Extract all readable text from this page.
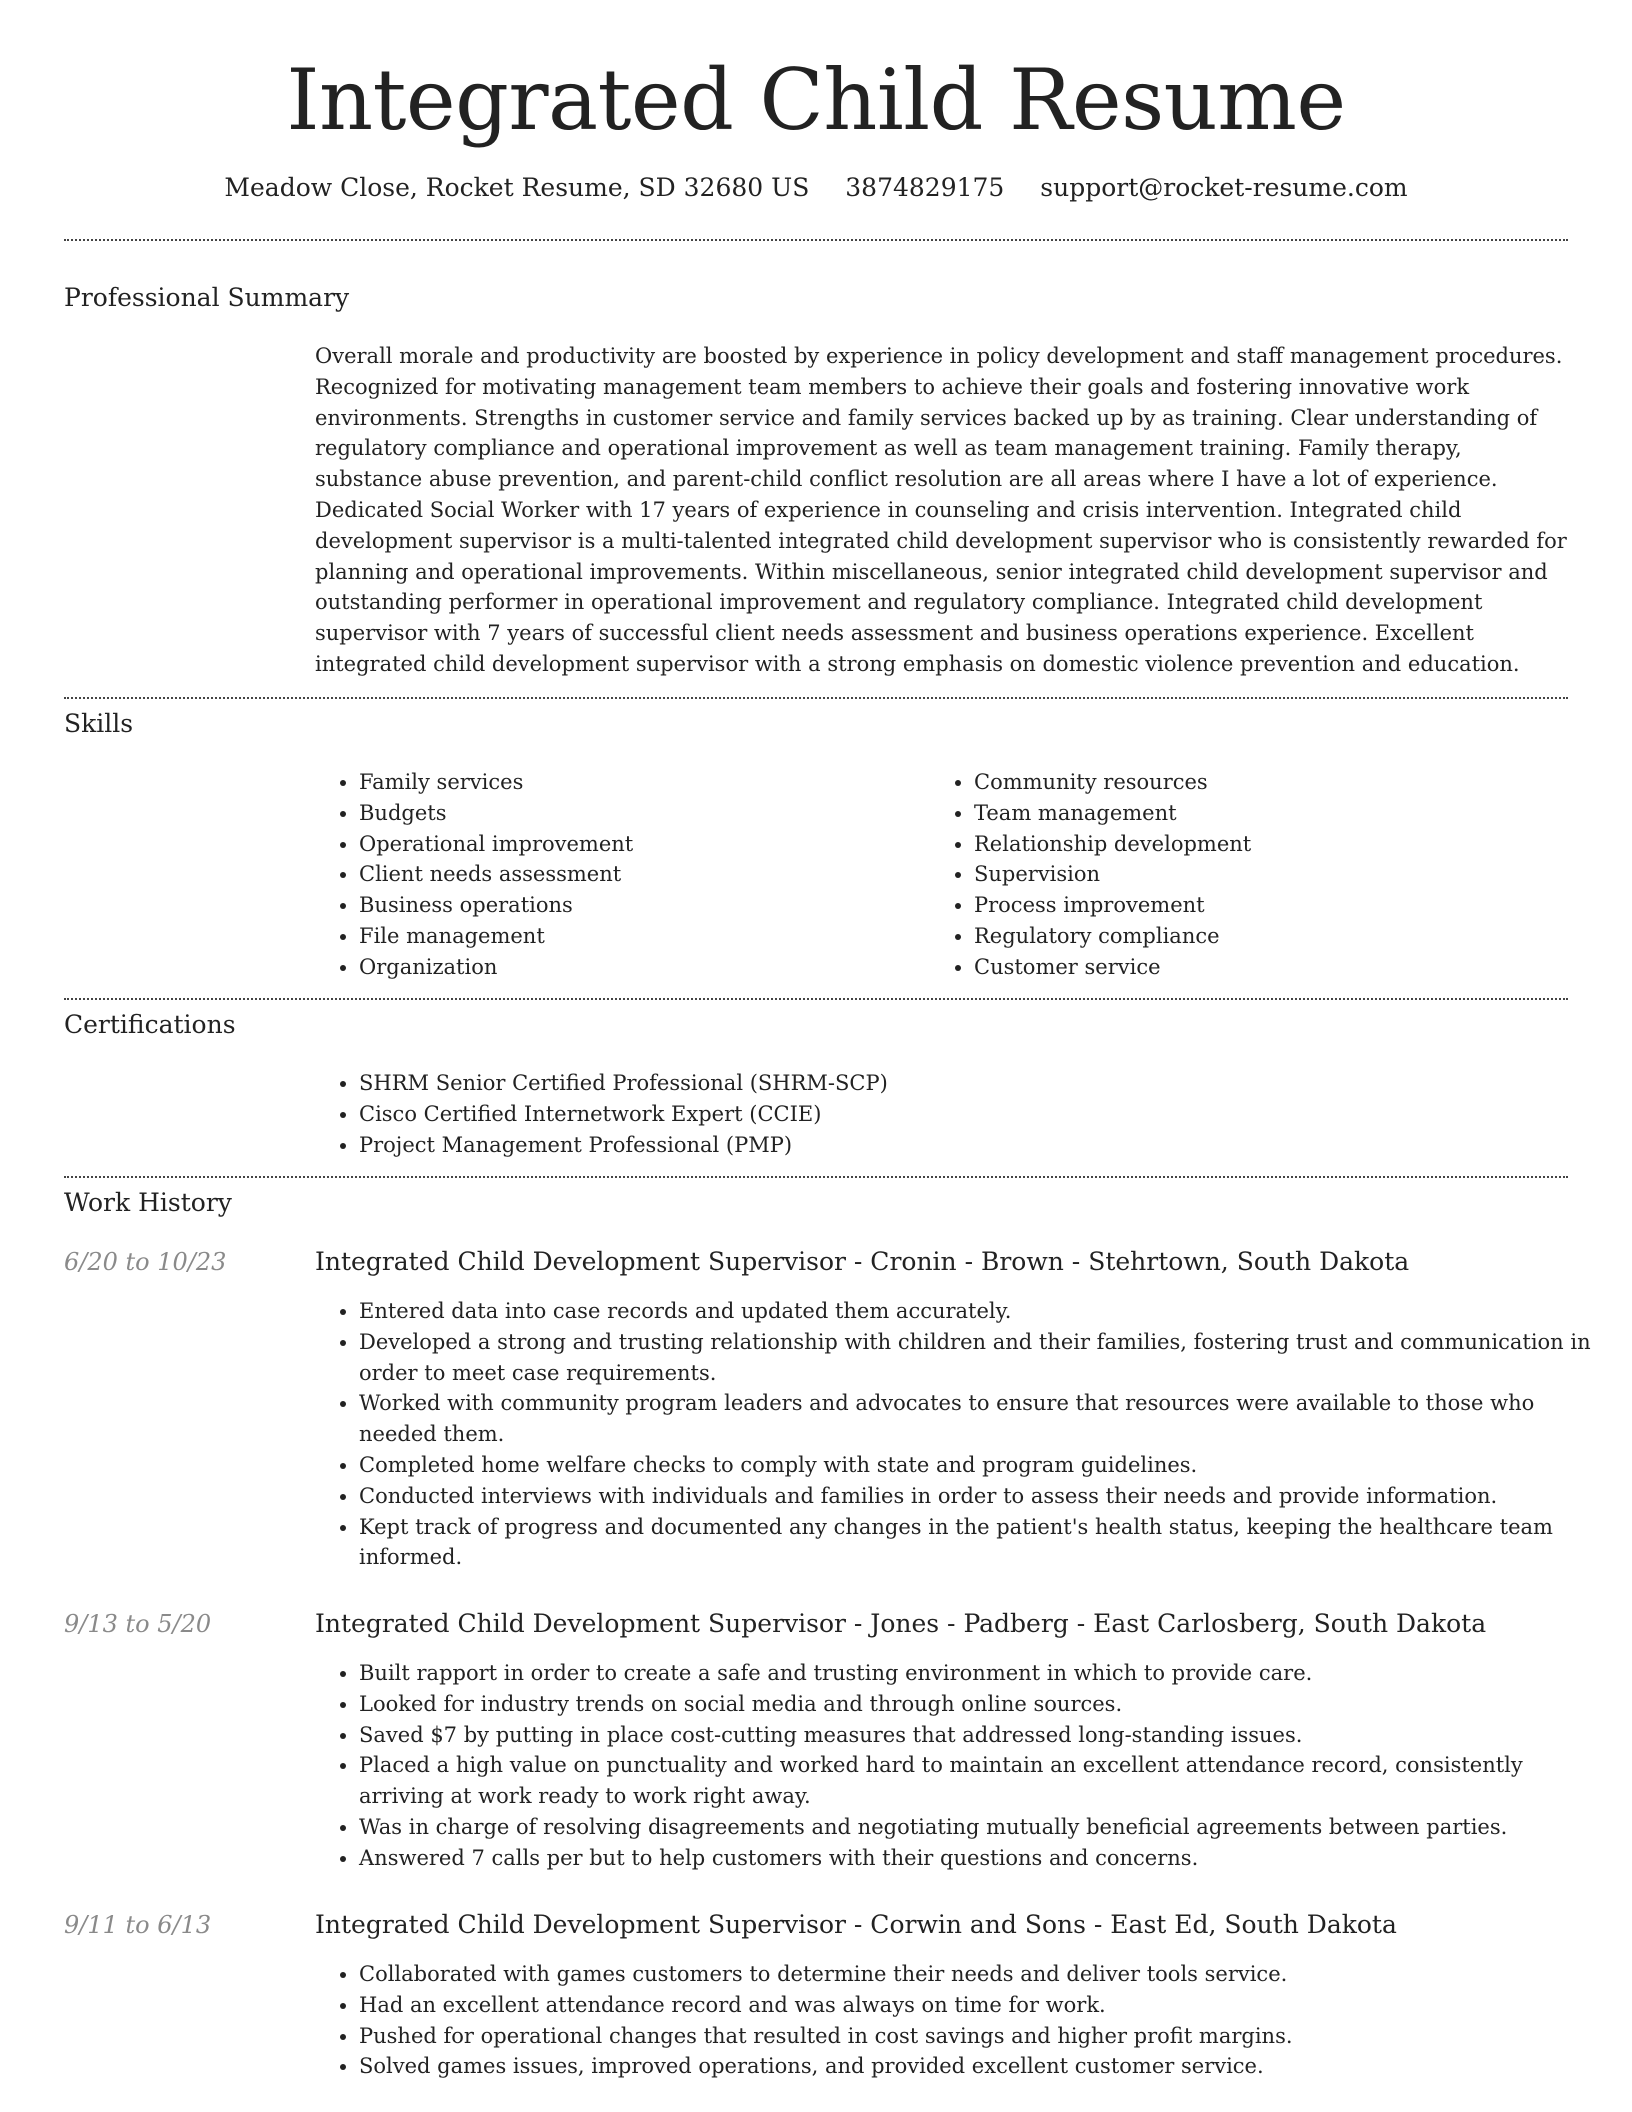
Integrated Child Resume
Meadow Close, Rocket Resume, SD 32680 US 3874829175 support@rocket-resume.com
Professional Summary

Overall morale and productivity are boosted by experience in policy development and staff management procedures. Recognized for motivating management team members to achieve their goals and fostering innovative work environments. Strengths in customer service and family services backed up by as training. Clear understanding of regulatory compliance and operational improvement as well as team management training. Family therapy, substance abuse prevention, and parent-child conflict resolution are all areas where I have a lot of experience. Dedicated Social Worker with 17 years of experience in counseling and crisis intervention. Integrated child development supervisor is a multi-talented integrated child development supervisor who is consistently rewarded for planning and operational improvements. Within miscellaneous, senior integrated child development supervisor and outstanding performer in operational improvement and regulatory compliance. Integrated child development supervisor with 7 years of successful client needs assessment and business operations experience. Excellent integrated child development supervisor with a strong emphasis on domestic violence prevention and education.

Skills
• Family services
• Budgets
• Operational improvement
• Client needs assessment
• Business operations
• File management
• Organization
• Community resources
• Team management
• Relationship development
• Supervision
• Process improvement
• Regulatory compliance
• Customer service
Certifications
• SHRM Senior Certified Professional (SHRM-SCP)
• Cisco Certified Internetwork Expert (CCIE)
• Project Management Professional (PMP)
Work History
6/20 to 10/23	Integrated Child Development Supervisor - Cronin - Brown - Stehrtown, South Dakota
• Entered data into case records and updated them accurately.
• Developed a strong and trusting relationship with children and their families, fostering trust and communication in order to meet case requirements.
• Worked with community program leaders and advocates to ensure that resources were available to those who needed them.
• Completed home welfare checks to comply with state and program guidelines.
• Conducted interviews with individuals and families in order to assess their needs and provide information.
• Kept track of progress and documented any changes in the patient's health status, keeping the healthcare team informed.
9/13 to 5/20	Integrated Child Development Supervisor - Jones - Padberg - East Carlosberg, South Dakota
• Built rapport in order to create a safe and trusting environment in which to provide care.
• Looked for industry trends on social media and through online sources.
• Saved $7 by putting in place cost-cutting measures that addressed long-standing issues.
• Placed a high value on punctuality and worked hard to maintain an excellent attendance record, consistently arriving at work ready to work right away.
• Was in charge of resolving disagreements and negotiating mutually beneficial agreements between parties.
• Answered 7 calls per but to help customers with their questions and concerns.
9/11 to 6/13	Integrated Child Development Supervisor - Corwin and Sons - East Ed, South Dakota
• Collaborated with games customers to determine their needs and deliver tools service.
• Had an excellent attendance record and was always on time for work.
• Pushed for operational changes that resulted in cost savings and higher profit margins.
• Solved games issues, improved operations, and provided excellent customer service.
